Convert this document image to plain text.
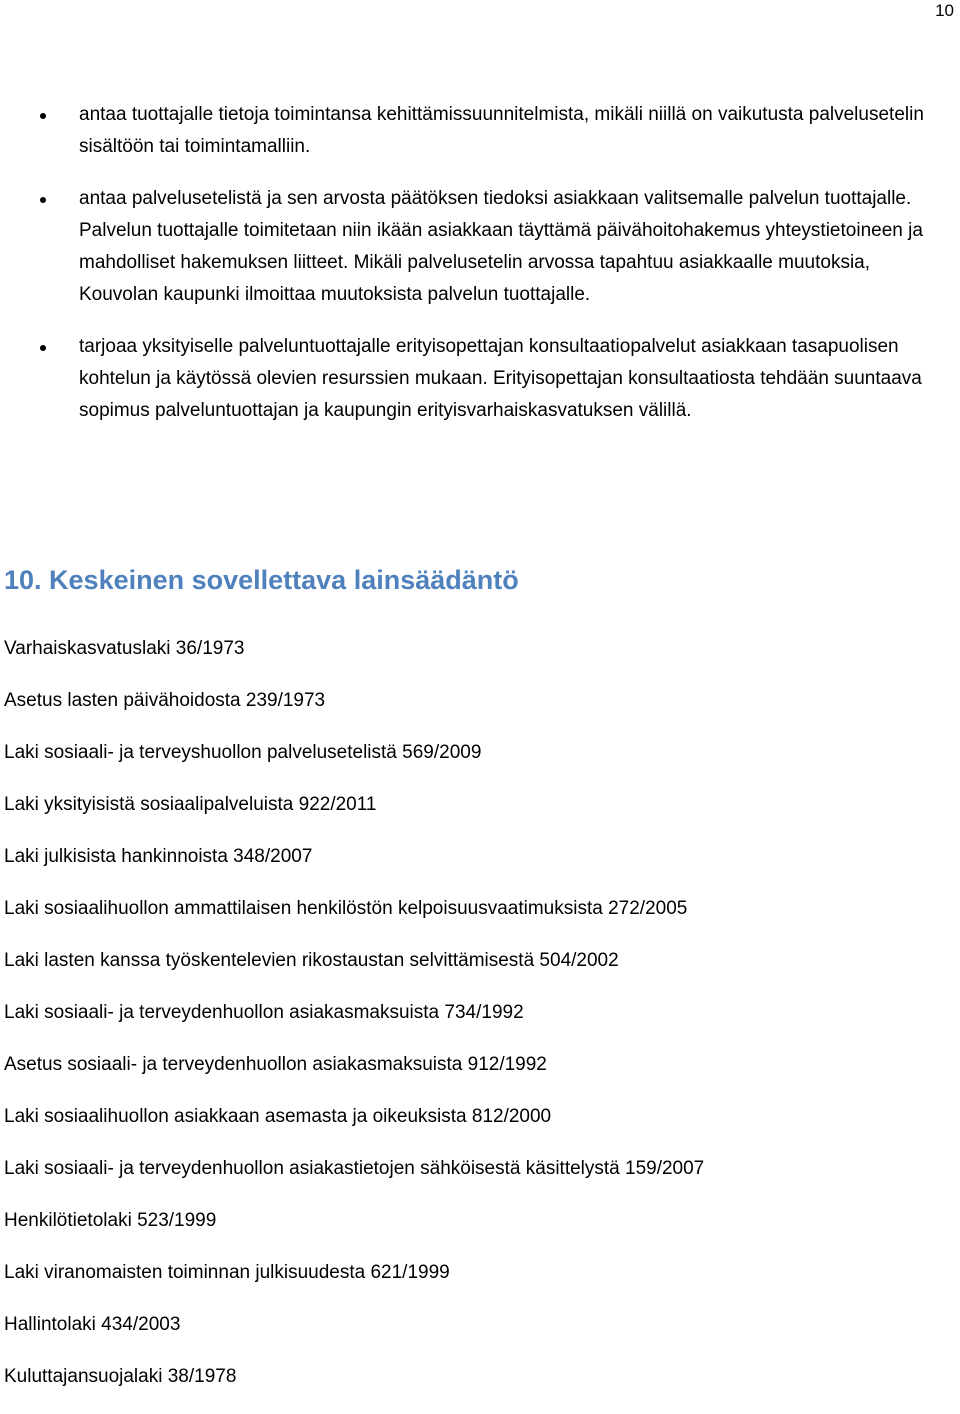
10
antaa tuottajalle tietoja toimintansa kehittämissuunnitelmista, mikäli niillä on vaikutusta palvelusetelin sisältöön tai toimintamalliin.
antaa palvelusetelistä ja sen arvosta päätöksen tiedoksi asiakkaan valitsemalle palvelun tuottajalle. Palvelun tuottajalle toimitetaan niin ikään asiakkaan täyttämä päivähoitohakemus yhteystietoineen ja mahdolliset hakemuksen liitteet. Mikäli palvelusetelin arvossa tapahtuu asiakkaalle muutoksia, Kouvolan kaupunki ilmoittaa muutoksista palvelun tuottajalle.
tarjoaa yksityiselle palveluntuottajalle erityisopettajan konsultaatiopalvelut asiakkaan tasapuolisen kohtelun ja käytössä olevien resurssien mukaan. Erityisopettajan konsultaatiosta tehdään suuntaava sopimus palveluntuottajan ja kaupungin erityisvarhaiskasvatuksen välillä.
10. Keskeinen sovellettava lainsäädäntö
Varhaiskasvatuslaki 36/1973
Asetus lasten päivähoidosta 239/1973
Laki sosiaali- ja terveyshuollon palvelusetelistä 569/2009
Laki yksityisistä sosiaalipalveluista 922/2011
Laki julkisista hankinnoista 348/2007
Laki sosiaalihuollon ammattilaisen henkilöstön kelpoisuusvaatimuksista 272/2005
Laki lasten kanssa työskentelevien rikostaustan selvittämisestä 504/2002
Laki sosiaali- ja terveydenhuollon asiakasmaksuista 734/1992
Asetus sosiaali- ja terveydenhuollon asiakasmaksuista 912/1992
Laki sosiaalihuollon asiakkaan asemasta ja oikeuksista 812/2000
Laki sosiaali- ja terveydenhuollon asiakastietojen sähköisestä käsittelystä 159/2007
Henkilötietolaki 523/1999
Laki viranomaisten toiminnan julkisuudesta 621/1999
Hallintolaki 434/2003
Kuluttajansuojalaki 38/1978
